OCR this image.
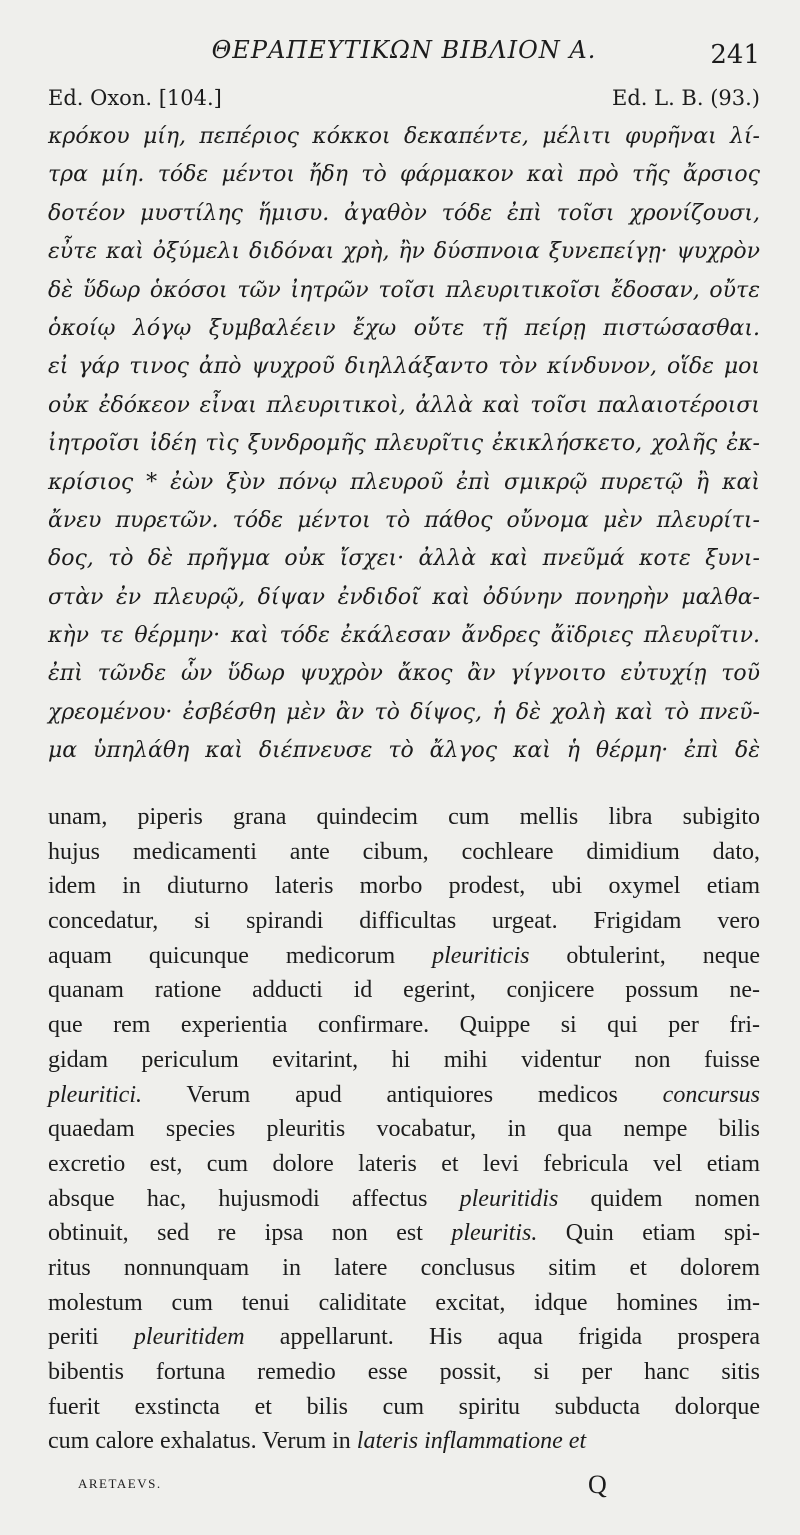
ΘΕΡΑΠΕΥΤΙΚΩΝ ΒΙΒΛΙΟΝ Α.	241
Ed. Oxon. [104.]	Ed. L. B. (93.)
κρόκου μίη, πεπέριος κόκκοι δεκαπέντε, μέλιτι φυρῆναι λί-
τρα μίη. τόδε μέντοι ἤδη τὸ φάρμακον καὶ πρὸ τῆς ἄρσιος
δοτέον μυστίλης ἥμισυ. ἀγαθὸν τόδε ἐπὶ τοῖσι χρονίζουσι,
εὖτε καὶ ὀξύμελι διδόναι χρὴ, ἢν δύσπνοια ξυνεπείγῃ· ψυχρὸν
δὲ ὕδωρ ὁκόσοι τῶν ἰητρῶν τοῖσι πλευριτικοῖσι ἔδοσαν, οὔτε
ὁκοίῳ λόγῳ ξυμβαλέειν ἔχω οὔτε τῇ πείρῃ πιστώσασθαι.
εἰ γάρ τινος ἀπὸ ψυχροῦ διηλλάξαντο τὸν κίνδυνον, οἵδε μοι
οὐκ ἐδόκεον εἶναι πλευριτικοὶ, ἀλλὰ καὶ τοῖσι παλαιοτέροισι
ἰητροῖσι ἰδέη τὶς ξυνδρομῆς πλευρῖτις ἐκικλήσκετο, χολῆς ἐκ-
κρίσιος * ἐὼν ξὺν πόνῳ πλευροῦ ἐπὶ σμικρῷ πυρετῷ ἢ καὶ
ἄνευ πυρετῶν. τόδε μέντοι τὸ πάθος οὔνομα μὲν πλευρίτι-
δος, τὸ δὲ πρῆγμα οὐκ ἴσχει· ἀλλὰ καὶ πνεῦμά κοτε ξυνι-
στὰν ἐν πλευρῷ, δίψαν ἐνδιδοῖ καὶ ὀδύνην πονηρὴν μαλθα-
κὴν τε θέρμην· καὶ τόδε ἐκάλεσαν ἄνδρες ἄϊδριες πλευρῖτιν.
ἐπὶ τῶνδε ὧν ὕδωρ ψυχρὸν ἄκος ἂν γίγνοιτο εὐτυχίῃ τοῦ
χρεομένου· ἐσβέσθη μὲν ἂν τὸ δίψος, ἡ δὲ χολὴ καὶ τὸ πνεῦ-
μα ὑπηλάθη καὶ διέπνευσε τὸ ἄλγος καὶ ἡ θέρμη· ἐπὶ δὲ
unam, piperis grana quindecim cum mellis libra subigito
hujus medicamenti ante cibum, cochleare dimidium dato,
idem in diuturno lateris morbo prodest, ubi oxymel etiam
concedatur, si spirandi difficultas urgeat. Frigidam vero
aquam quicunque medicorum pleuriticis obtulerint, neque
quanam ratione adducti id egerint, conjicere possum ne-
que rem experientia confirmare. Quippe si qui per fri-
gidam periculum evitarint, hi mihi videntur non fuisse
pleuritici. Verum apud antiquiores medicos concursus
quaedam species pleuritis vocabatur, in qua nempe bilis
excretio est, cum dolore lateris et levi febricula vel etiam
absque hac, hujusmodi affectus pleuritidis quidem nomen
obtinuit, sed re ipsa non est pleuritis. Quin etiam spi-
ritus nonnunquam in latere conclusus sitim et dolorem
molestum cum tenui caliditate excitat, idque homines im-
periti pleuritidem appellarunt. His aqua frigida prospera
bibentis fortuna remedio esse possit, si per hanc sitis
fuerit exstincta et bilis cum spiritu subducta dolorque
cum calore exhalatus. Verum in lateris inflammatione et
ARETAEVS.	Q
